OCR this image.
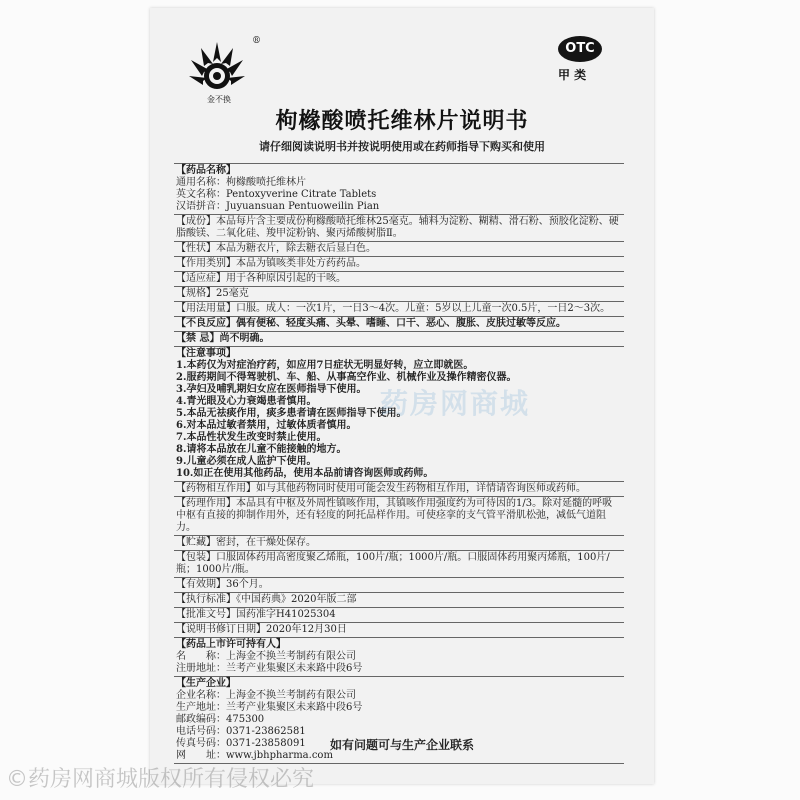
金不换
®	OTC
甲 类
枸橼酸喷托维林片说明书
请仔细阅读说明书并按说明使用或在药师指导下购买和使用
【药品名称】
通用名称：枸橼酸喷托维林片
英文名称：Pentoxyverine Citrate Tablets
汉语拼音：Juyuansuan Pentuoweilin Pian
【成份】本品每片含主要成份枸橼酸喷托维林25毫克。辅料为淀粉、糊精、滑石粉、预胶化淀粉、硬脂酸镁、二氧化硅、羧甲淀粉钠、聚丙烯酸树脂Ⅱ。
【性状】本品为糖衣片，除去糖衣后显白色。
【作用类别】本品为镇咳类非处方药药品。
【适应症】用于各种原因引起的干咳。
【规格】25毫克
【用法用量】口服。成人：一次1片，一日3～4次。儿童：5岁以上儿童一次0.5片，一日2～3次。
【不良反应】偶有便秘、轻度头痛、头晕、嗜睡、口干、恶心、腹胀、皮肤过敏等反应。
【禁 忌】尚不明确。
【注意事项】
1.本药仅为对症治疗药，如应用7日症状无明显好转，应立即就医。
2.服药期间不得驾驶机、车、船、从事高空作业、机械作业及操作精密仪器。
3.孕妇及哺乳期妇女应在医师指导下使用。
4.青光眼及心力衰竭患者慎用。
5.本品无祛痰作用，痰多患者请在医师指导下使用。
6.对本品过敏者禁用，过敏体质者慎用。
7.本品性状发生改变时禁止使用。
8.请将本品放在儿童不能接触的地方。
9.儿童必须在成人监护下使用。
10.如正在使用其他药品，使用本品前请咨询医师或药师。
【药物相互作用】如与其他药物同时使用可能会发生药物相互作用，详情请咨询医师或药师。
【药理作用】本品具有中枢及外周性镇咳作用，其镇咳作用强度约为可待因的1/3。除对延髓的呼吸中枢有直接的抑制作用外，还有轻度的阿托品样作用。可使痉挛的支气管平滑肌松弛，减低气道阻力。
【贮藏】密封，在干燥处保存。
【包装】口服固体药用高密度聚乙烯瓶，100片/瓶；1000片/瓶。口服固体药用聚丙烯瓶，100片/瓶；1000片/瓶。
【有效期】36个月。
【执行标准】《中国药典》2020年版二部
【批准文号】国药准字H41025304
【说明书修订日期】2020年12月30日
【药品上市许可持有人】
名　　称：上海金不换兰考制药有限公司
注册地址：兰考产业集聚区未来路中段6号
【生产企业】
企业名称：上海金不换兰考制药有限公司
生产地址：兰考产业集聚区未来路中段6号
邮政编码：475300
电话号码：0371-23862581
传真号码：0371-23858091
网　　址：www.jbhpharma.com
如有问题可与生产企业联系
药房网商城
©药房网商城版权所有侵权必究
